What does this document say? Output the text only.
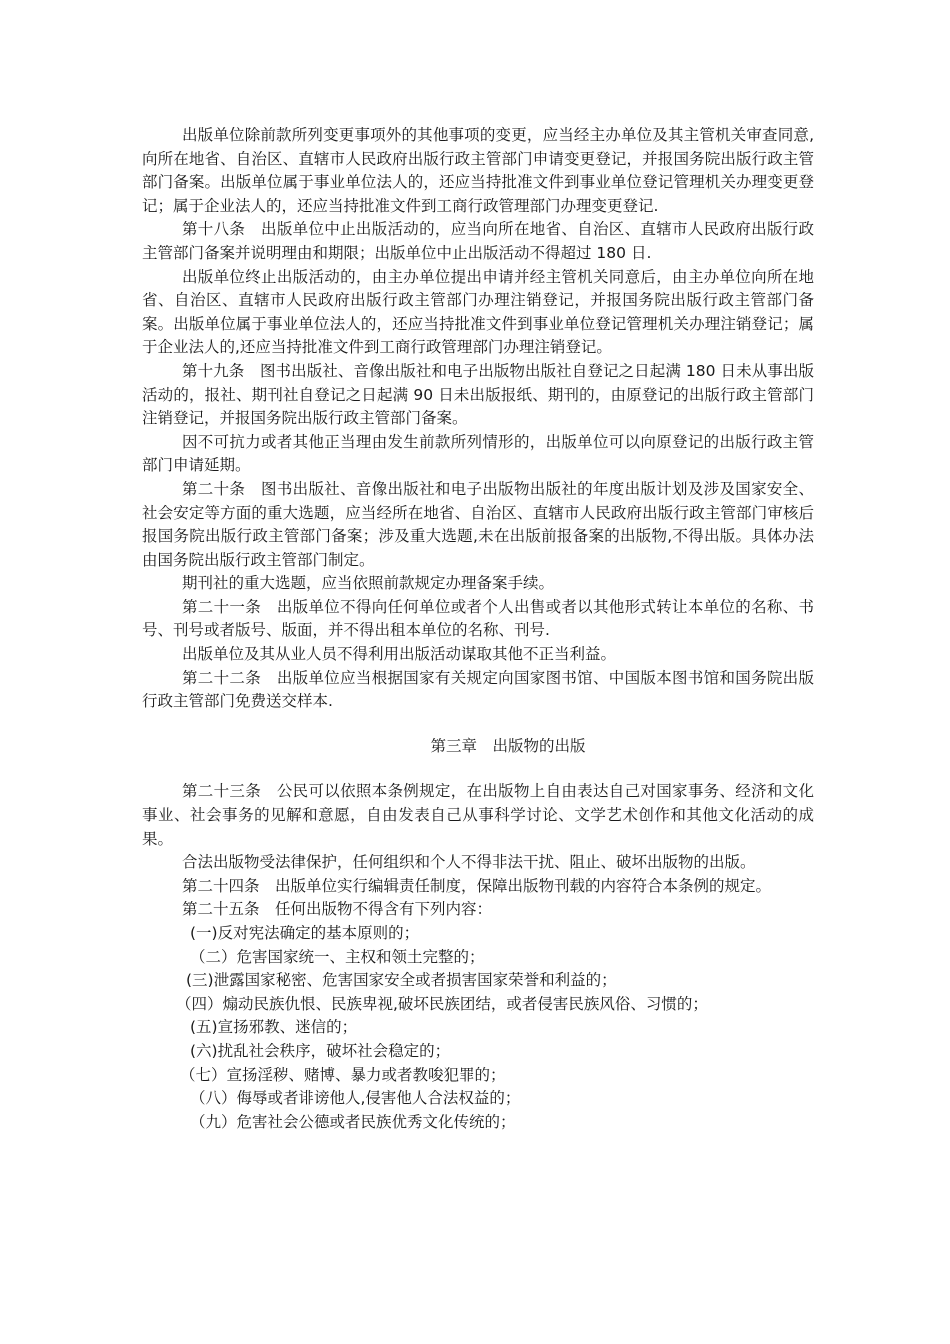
出版单位除前款所列变更事项外的其他事项的变更，应当经主办单位及其主管机关审查同意,向所在地省、自治区、直辖市人民政府出版行政主管部门申请变更登记，并报国务院出版行政主管部门备案。出版单位属于事业单位法人的，还应当持批准文件到事业单位登记管理机关办理变更登记；属于企业法人的，还应当持批准文件到工商行政管理部门办理变更登记.

第十八条　出版单位中止出版活动的，应当向所在地省、自治区、直辖市人民政府出版行政主管部门备案并说明理由和期限；出版单位中止出版活动不得超过 180 日.

出版单位终止出版活动的，由主办单位提出申请并经主管机关同意后，由主办单位向所在地省、自治区、直辖市人民政府出版行政主管部门办理注销登记，并报国务院出版行政主管部门备案。出版单位属于事业单位法人的，还应当持批准文件到事业单位登记管理机关办理注销登记；属于企业法人的,还应当持批准文件到工商行政管理部门办理注销登记。

第十九条　图书出版社、音像出版社和电子出版物出版社自登记之日起满 180 日未从事出版活动的，报社、期刊社自登记之日起满 90 日未出版报纸、期刊的，由原登记的出版行政主管部门注销登记，并报国务院出版行政主管部门备案。

因不可抗力或者其他正当理由发生前款所列情形的，出版单位可以向原登记的出版行政主管部门申请延期。

第二十条　图书出版社、音像出版社和电子出版物出版社的年度出版计划及涉及国家安全、社会安定等方面的重大选题，应当经所在地省、自治区、直辖市人民政府出版行政主管部门审核后报国务院出版行政主管部门备案；涉及重大选题,未在出版前报备案的出版物,不得出版。具体办法由国务院出版行政主管部门制定。

期刊社的重大选题，应当依照前款规定办理备案手续。

第二十一条　出版单位不得向任何单位或者个人出售或者以其他形式转让本单位的名称、书号、刊号或者版号、版面，并不得出租本单位的名称、刊号.

出版单位及其从业人员不得利用出版活动谋取其他不正当利益。

第二十二条　出版单位应当根据国家有关规定向国家图书馆、中国版本图书馆和国务院出版行政主管部门免费送交样本.

第三章　出版物的出版

第二十三条　公民可以依照本条例规定，在出版物上自由表达自己对国家事务、经济和文化事业、社会事务的见解和意愿，自由发表自己从事科学讨论、文学艺术创作和其他文化活动的成果。

合法出版物受法律保护，任何组织和个人不得非法干扰、阻止、破坏出版物的出版。

第二十四条　出版单位实行编辑责任制度，保障出版物刊载的内容符合本条例的规定。

第二十五条　任何出版物不得含有下列内容：

(一)反对宪法确定的基本原则的；

（二）危害国家统一、主权和领土完整的；

(三)泄露国家秘密、危害国家安全或者损害国家荣誉和利益的；

（四）煽动民族仇恨、民族卑视,破坏民族团结，或者侵害民族风俗、习惯的；

(五)宣扬邪教、迷信的；

(六)扰乱社会秩序，破坏社会稳定的；

（七）宣扬淫秽、赌博、暴力或者教唆犯罪的；

（八）侮辱或者诽谤他人,侵害他人合法权益的；

（九）危害社会公德或者民族优秀文化传统的；
